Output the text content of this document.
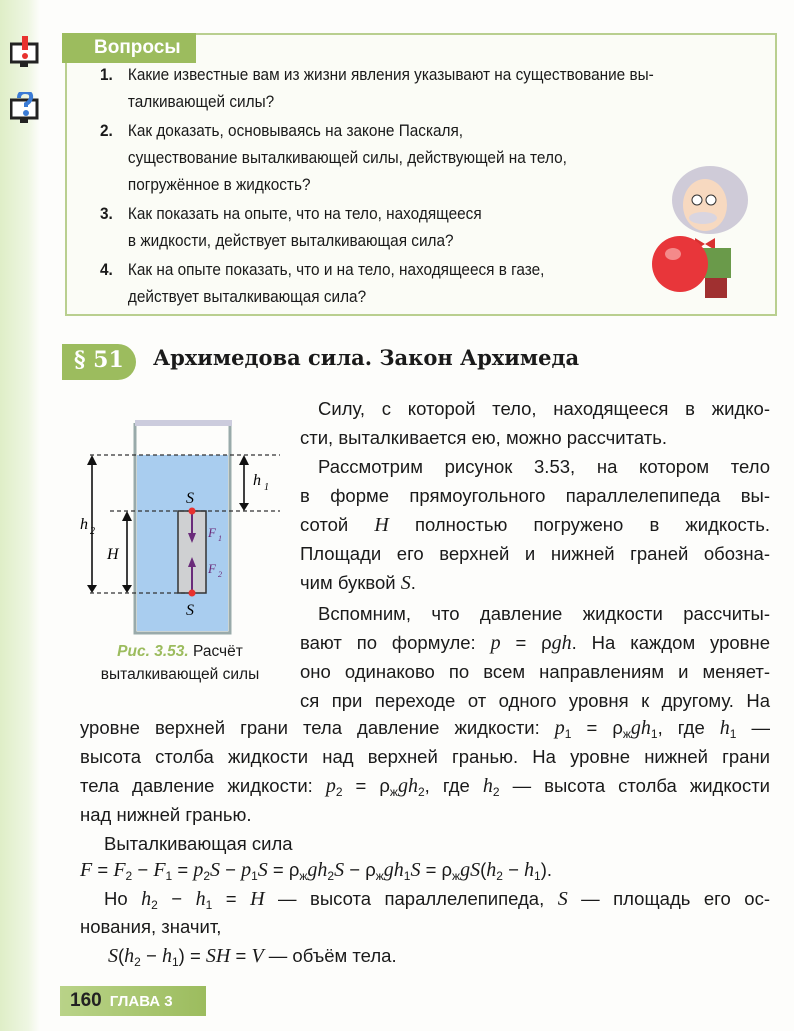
Вопросы
1. Какие известные вам из жизни явления указывают на существование вы-
талкивающей силы?
2. Как доказать, основываясь на законе Паскаля,
существование выталкивающей силы, действующей на тело,
погружённое в жидкость?
3. Как показать на опыте, что на тело, находящееся
в жидкости, действует выталкивающая сила?
4. Как на опыте показать, что и на тело, находящееся в газе,
действует выталкивающая сила?
§ 51	Архимедова сила. Закон Архимеда
h 1
h 2
H
S
S
F 1
F 2
Рис. 3.53. Расчёт выталкивающей силы
Силу, с которой тело, находящееся в жидко-
сти, выталкивается ею, можно рассчитать.
Рассмотрим рисунок 3.53, на котором тело
в форме прямоугольного параллелепипеда вы-
сотой H полностью погружено в жидкость.
Площади его верхней и нижней граней обозна-
чим буквой S.
Вспомним, что давление жидкости рассчиты-
вают по формуле: p = ρgh. На каждом уровне
оно одинаково по всем направлениям и меняет-
ся при переходе от одного уровня к другому. На
уровне верхней грани тела давление жидкости: $p_1 = \rho_жgh_1$, где $h_1$ —
высота столба жидкости над верхней гранью. На уровне нижней грани
тела давление жидкости: $p_2 = \rho_жgh_2$, где $h_2$ — высота столба жидкости
над нижней гранью.
Выталкивающая сила
$F = F_2 - F_1 = p_2S - p_1S = \rho_жgh_2S - \rho_жgh_1S = \rho_жgS(h_2 - h_1)$.
Но $h_2 - h_1 = H$ — высота параллелепипеда, S — площадь его ос-
нования, значит,
$S(h_2 - h_1)$ = SH = V — объём тела.
160 ГЛАВА 3
